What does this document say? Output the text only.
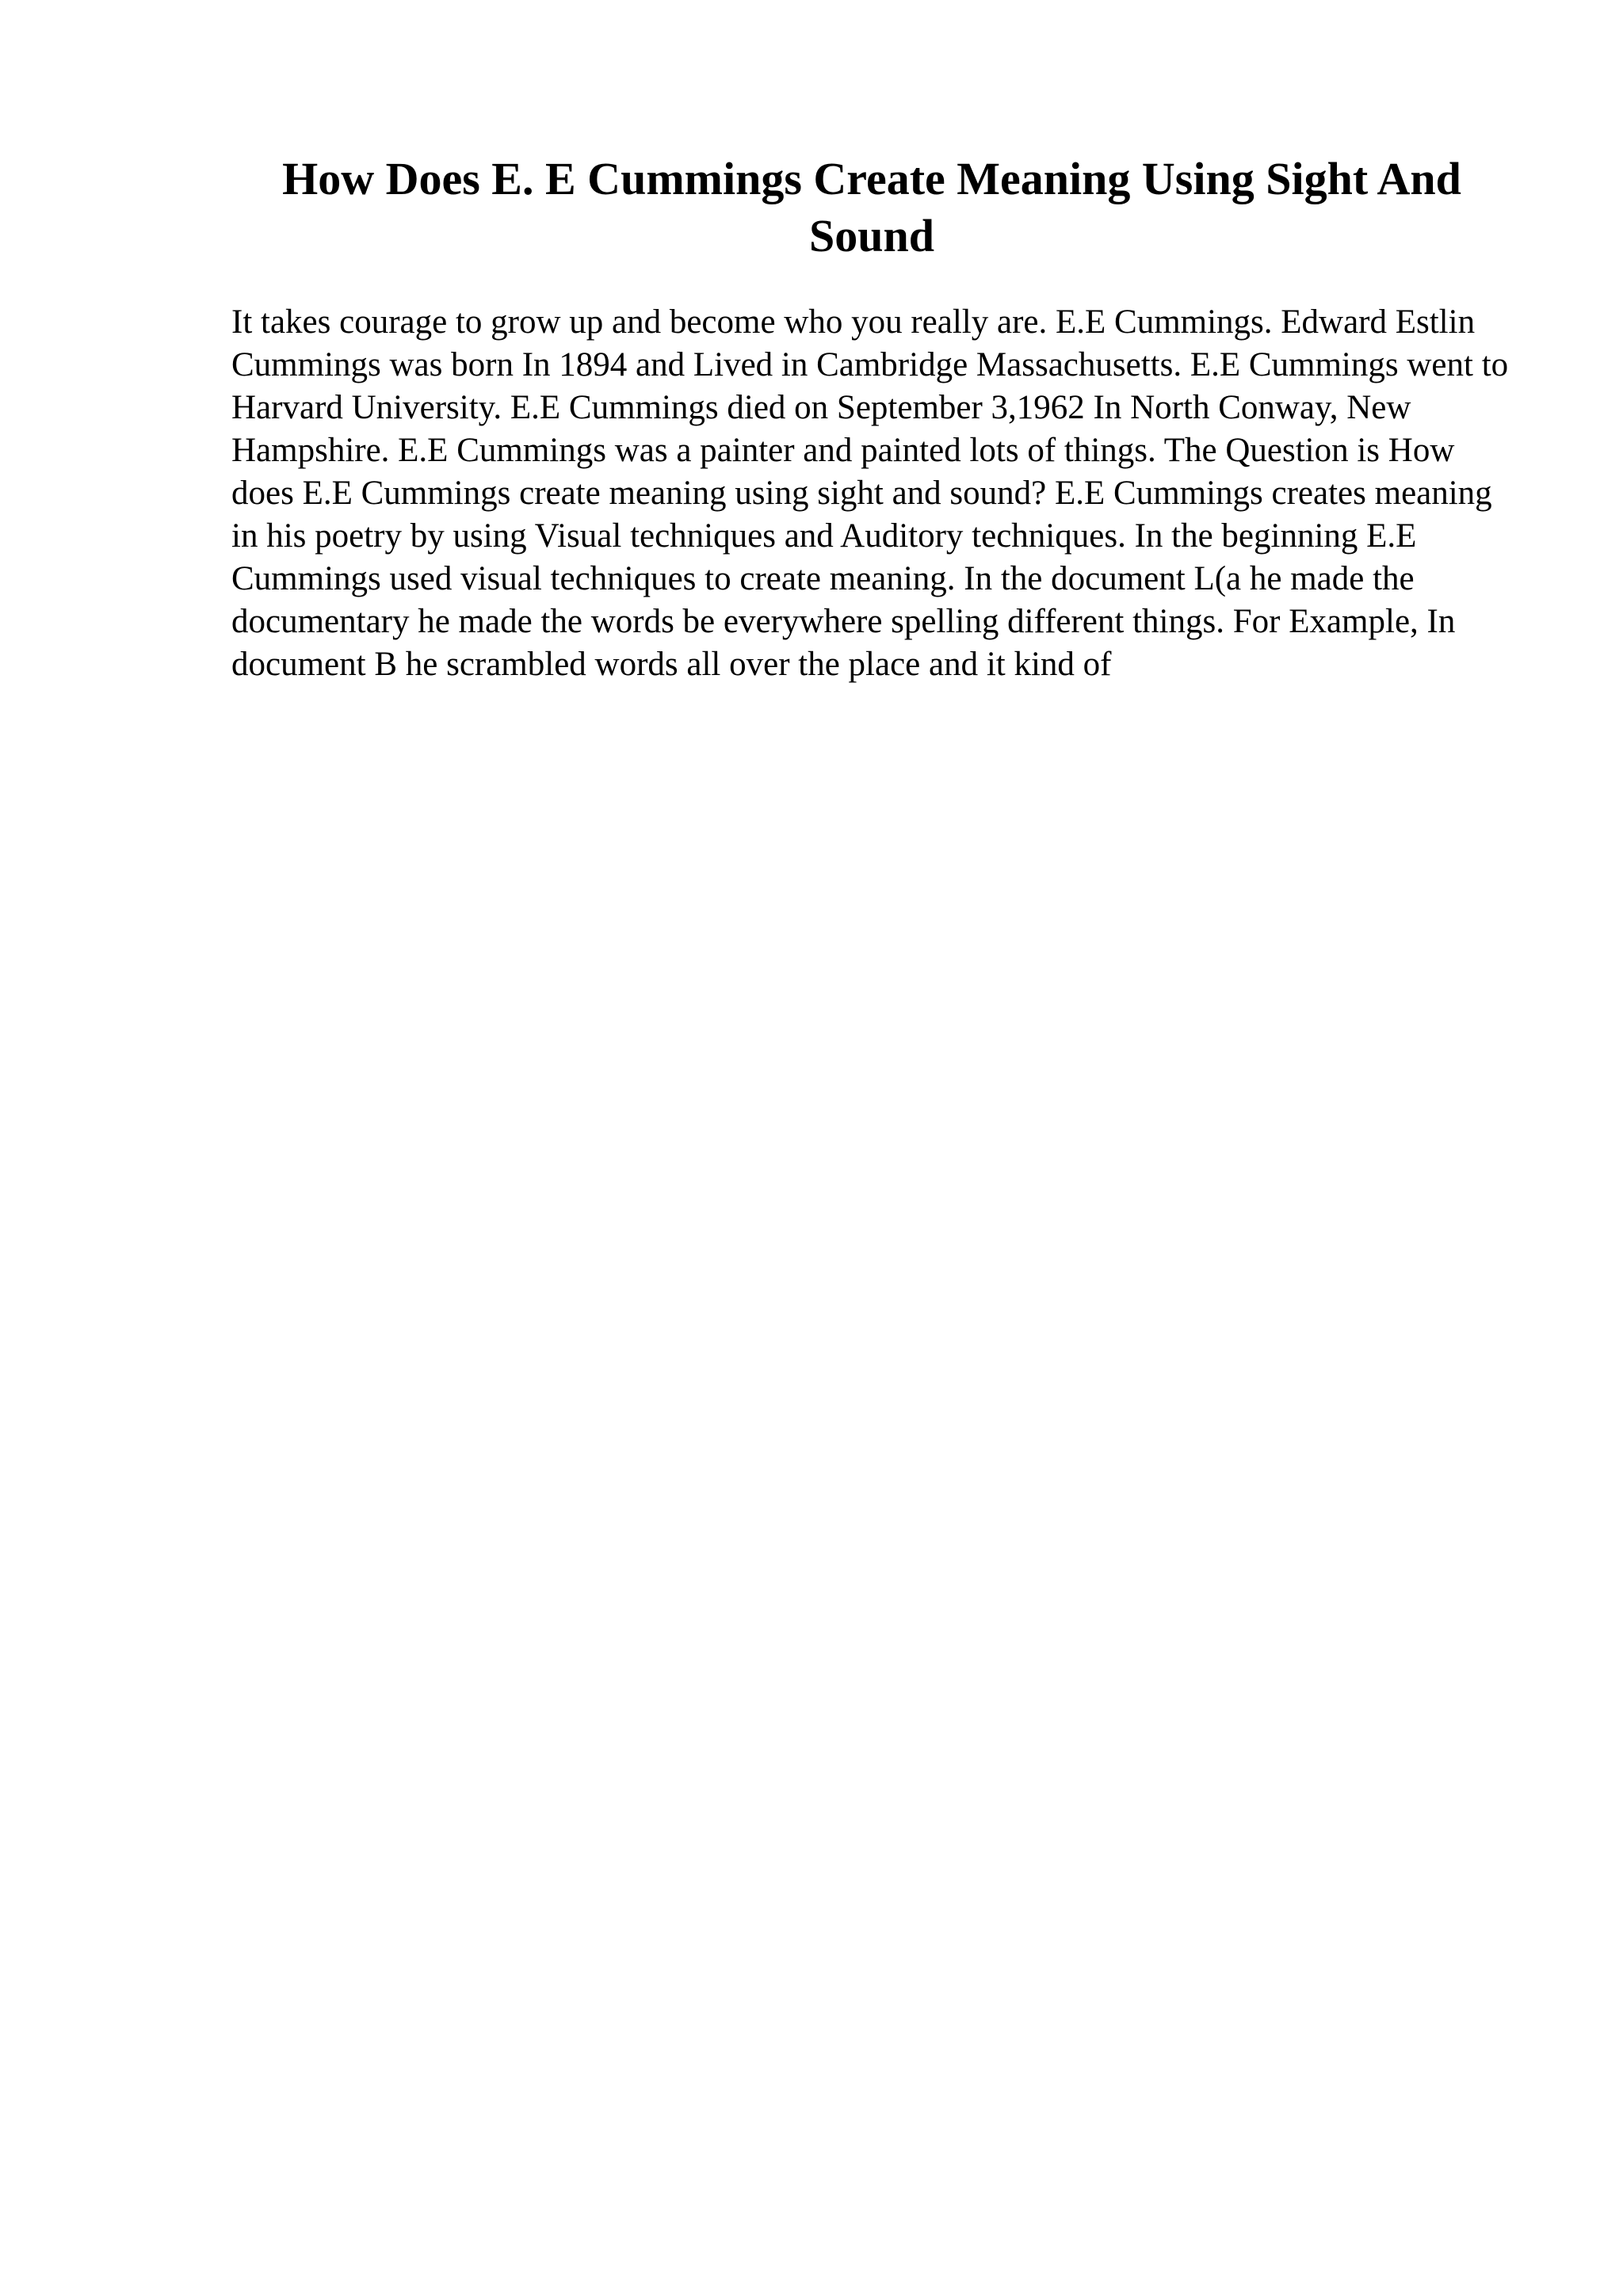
How Does E. E Cummings Create Meaning Using Sight And Sound

It takes courage to grow up and become who you really are. E.E Cummings. Edward Estlin Cummings was born In 1894 and Lived in Cambridge Massachusetts. E.E Cummings went to Harvard University. E.E Cummings died on September 3,1962 In North Conway, New Hampshire. E.E Cummings was a painter and painted lots of things. The Question is How does E.E Cummings create meaning using sight and sound? E.E Cummings creates meaning in his poetry by using Visual techniques and Auditory techniques. In the beginning E.E Cummings used visual techniques to create meaning. In the document L(a he made the documentary he made the words be everywhere spelling different things. For Example, In document B he scrambled words all over the place and it kind of
